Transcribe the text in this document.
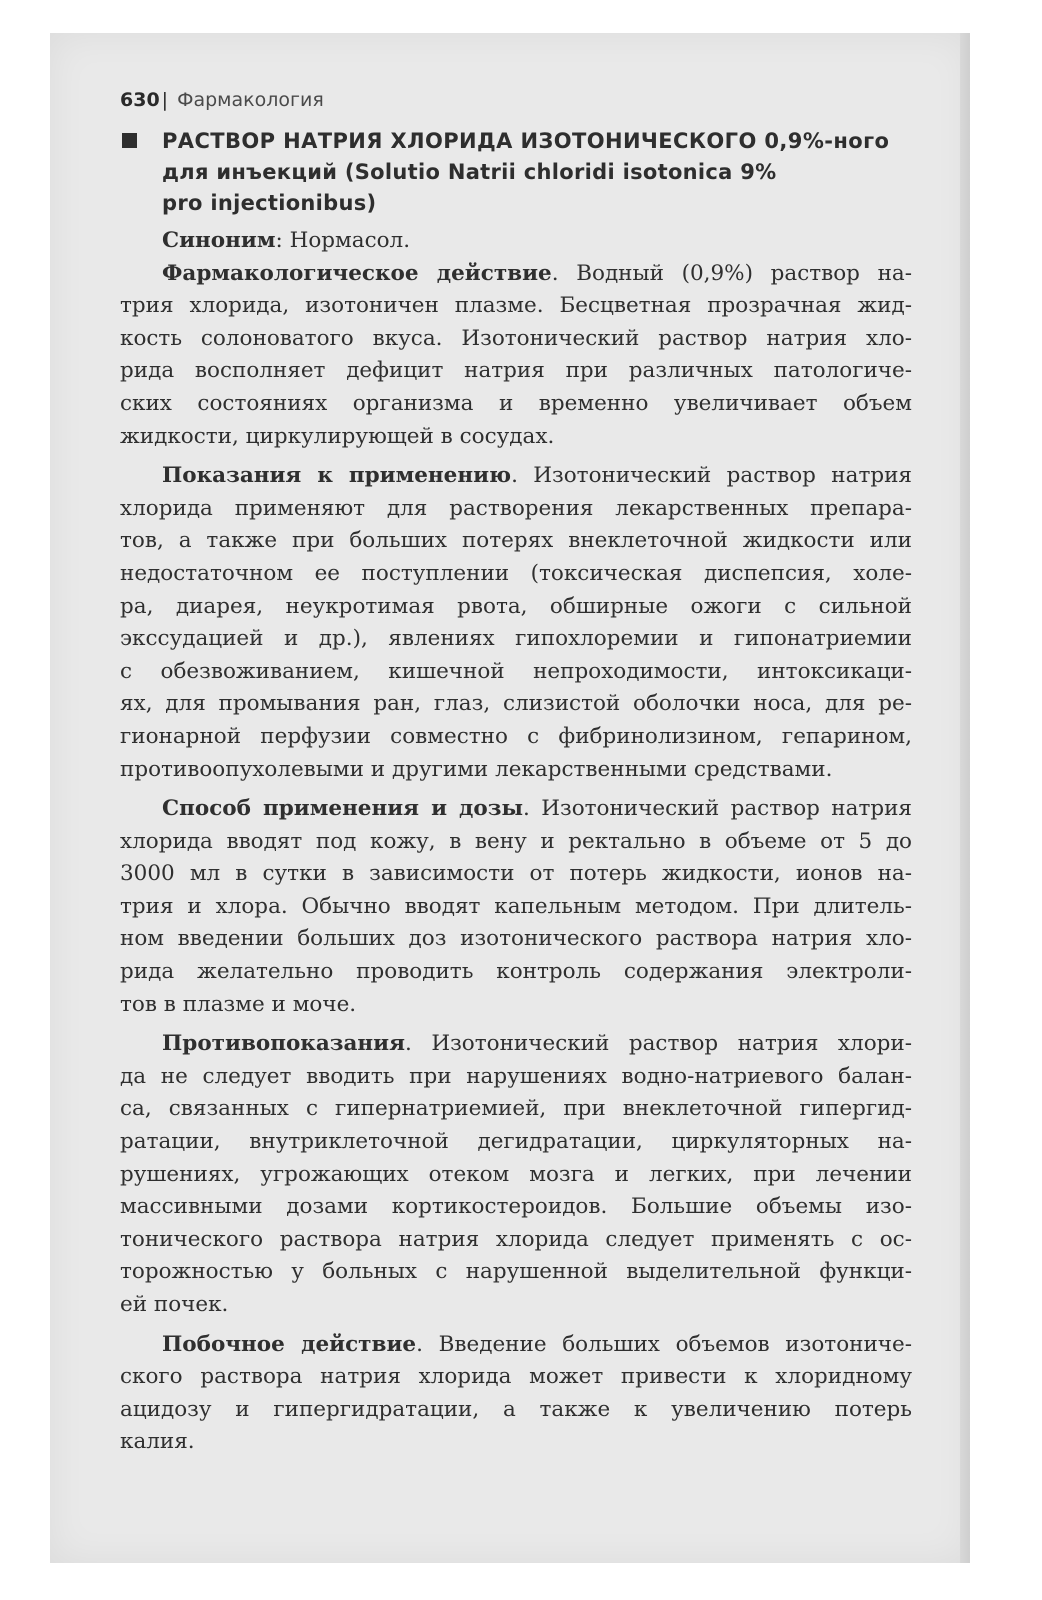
630 | Фармакология
РАСТВОР НАТРИЯ ХЛОРИДА ИЗОТОНИЧЕСКОГО 0,9%-ного
для инъекций (Solutio Natrii chloridi isotonica 9%
pro injectionibus)
Синоним: Нормасол.
Фармакологическое действие. Водный (0,9%) раствор на-
трия хлорида, изотоничен плазме. Бесцветная прозрачная жид-
кость солоноватого вкуса. Изотонический раствор натрия хло-
рида восполняет дефицит натрия при различных патологиче-
ских состояниях организма и временно увеличивает объем
жидкости, циркулирующей в сосудах.
Показания к применению. Изотонический раствор натрия
хлорида применяют для растворения лекарственных препара-
тов, а также при больших потерях внеклеточной жидкости или
недостаточном ее поступлении (токсическая диспепсия, холе-
ра, диарея, неукротимая рвота, обширные ожоги с сильной
экссудацией и др.), явлениях гипохлоремии и гипонатриемии
с обезвоживанием, кишечной непроходимости, интоксикаци-
ях, для промывания ран, глаз, слизистой оболочки носа, для ре-
гионарной перфузии совместно с фибринолизином, гепарином,
противоопухолевыми и другими лекарственными средствами.
Способ применения и дозы. Изотонический раствор натрия
хлорида вводят под кожу, в вену и ректально в объеме от 5 до
3000 мл в сутки в зависимости от потерь жидкости, ионов на-
трия и хлора. Обычно вводят капельным методом. При длитель-
ном введении больших доз изотонического раствора натрия хло-
рида желательно проводить контроль содержания электроли-
тов в плазме и моче.
Противопоказания. Изотонический раствор натрия хлори-
да не следует вводить при нарушениях водно-натриевого балан-
са, связанных с гипернатриемией, при внеклеточной гипергид-
ратации, внутриклеточной дегидратации, циркуляторных на-
рушениях, угрожающих отеком мозга и легких, при лечении
массивными дозами кортикостероидов. Большие объемы изо-
тонического раствора натрия хлорида следует применять с ос-
торожностью у больных с нарушенной выделительной функци-
ей почек.
Побочное действие. Введение больших объемов изотониче-
ского раствора натрия хлорида может привести к хлоридному
ацидозу и гипергидратации, а также к увеличению потерь
калия.
